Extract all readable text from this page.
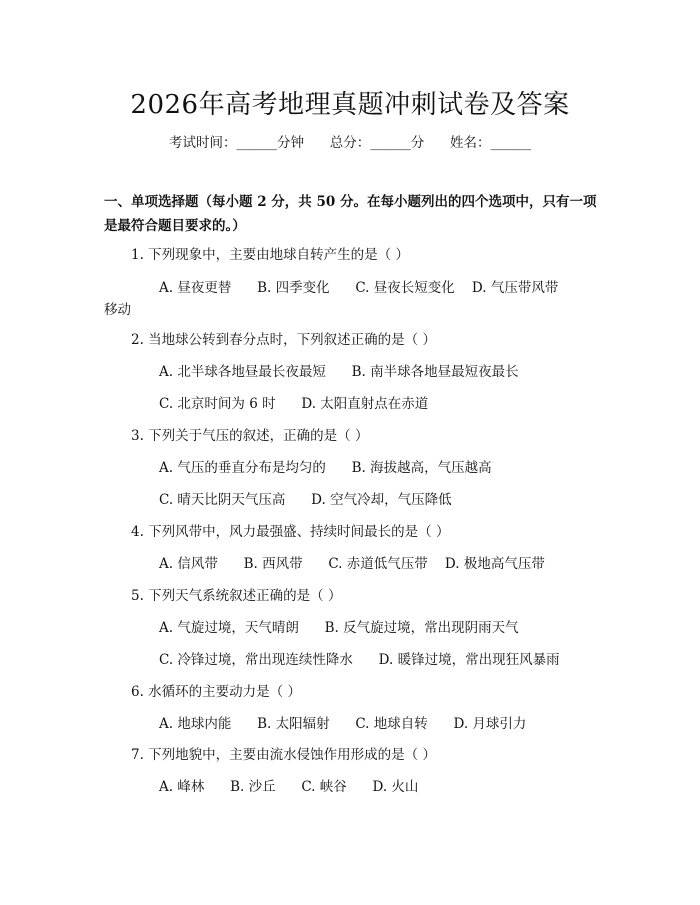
2026年高考地理真题冲刺试卷及答案
考试时间：______分钟      总分：______分      姓名：______
一、单项选择题（每小题 2 分，共 50 分。在每小题列出的四个选项中，只有一项是最符合题目要求的。）
1. 下列现象中，主要由地球自转产生的是（ ）
A. 昼夜更替      B. 四季变化      C. 昼夜长短变化    D. 气压带风带
移动
2. 当地球公转到春分点时，下列叙述正确的是（ ）
A. 北半球各地昼最长夜最短      B. 南半球各地昼最短夜最长
C. 北京时间为 6 时      D. 太阳直射点在赤道
3. 下列关于气压的叙述，正确的是（ ）
A. 气压的垂直分布是均匀的      B. 海拔越高，气压越高
C. 晴天比阴天气压高      D. 空气冷却，气压降低
4. 下列风带中，风力最强盛、持续时间最长的是（ ）
A. 信风带      B. 西风带      C. 赤道低气压带    D. 极地高气压带
5. 下列天气系统叙述正确的是（ ）
A. 气旋过境，天气晴朗      B. 反气旋过境，常出现阴雨天气
C. 冷锋过境，常出现连续性降水      D. 暖锋过境，常出现狂风暴雨
6. 水循环的主要动力是（ ）
A. 地球内能      B. 太阳辐射      C. 地球自转      D. 月球引力
7. 下列地貌中，主要由流水侵蚀作用形成的是（ ）
A. 峰林      B. 沙丘      C. 峡谷      D. 火山
